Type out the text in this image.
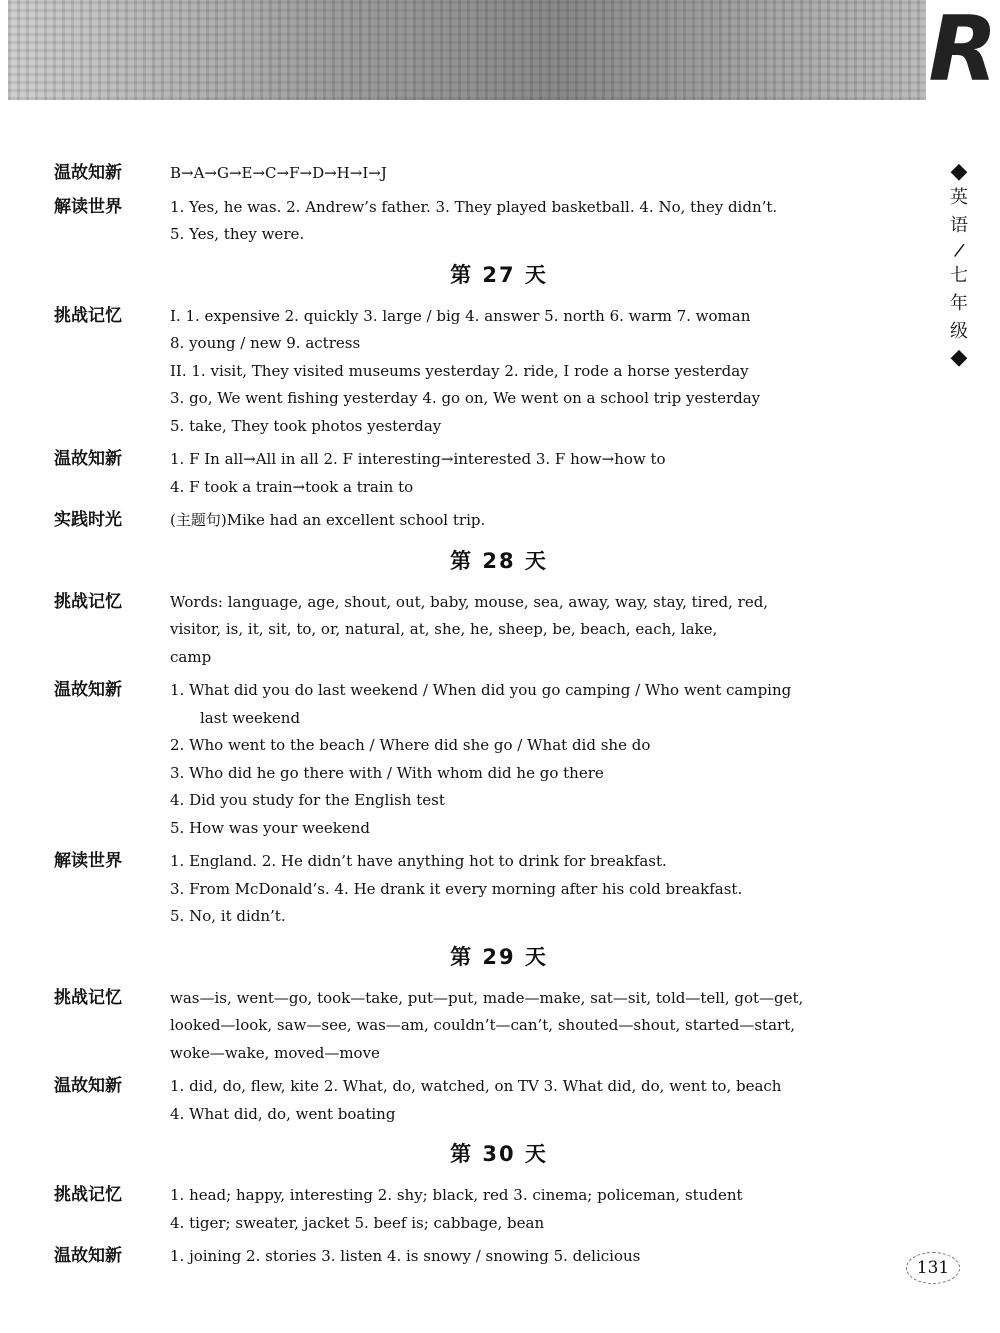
R
◆
英
语
/
七
年
级
◆
温故知新	B→A→G→E→C→F→D→H→I→J
解读世界	1. Yes, he was. 2. Andrew’s father. 3. They played basketball. 4. No, they didn’t.
5. Yes, they were.
第 27 天
挑战记忆	I. 1. expensive 2. quickly 3. large / big 4. answer 5. north 6. warm 7. woman
8. young / new 9. actress
II. 1. visit, They visited museums yesterday 2. ride, I rode a horse yesterday
3. go, We went fishing yesterday 4. go on, We went on a school trip yesterday
5. take, They took photos yesterday
温故知新	1. F In all→All in all 2. F interesting→interested 3. F how→how to
4. F took a train→took a train to
实践时光	(主题句)Mike had an excellent school trip.
第 28 天
挑战记忆	Words: language, age, shout, out, baby, mouse, sea, away, way, stay, tired, red,
visitor, is, it, sit, to, or, natural, at, she, he, sheep, be, beach, each, lake,
camp
温故知新	1. What did you do last weekend / When did you go camping / Who went camping
last weekend
2. Who went to the beach / Where did she go / What did she do
3. Who did he go there with / With whom did he go there
4. Did you study for the English test
5. How was your weekend
解读世界	1. England. 2. He didn’t have anything hot to drink for breakfast.
3. From McDonald’s. 4. He drank it every morning after his cold breakfast.
5. No, it didn’t.
第 29 天
挑战记忆	was—is, went—go, took—take, put—put, made—make, sat—sit, told—tell, got—get,
looked—look, saw—see, was—am, couldn’t—can’t, shouted—shout, started—start,
woke—wake, moved—move
温故知新	1. did, do, flew, kite 2. What, do, watched, on TV 3. What did, do, went to, beach
4. What did, do, went boating
第 30 天
挑战记忆	1. head; happy, interesting 2. shy; black, red 3. cinema; policeman, student
4. tiger; sweater, jacket 5. beef is; cabbage, bean
温故知新	1. joining 2. stories 3. listen 4. is snowy / snowing 5. delicious
131
